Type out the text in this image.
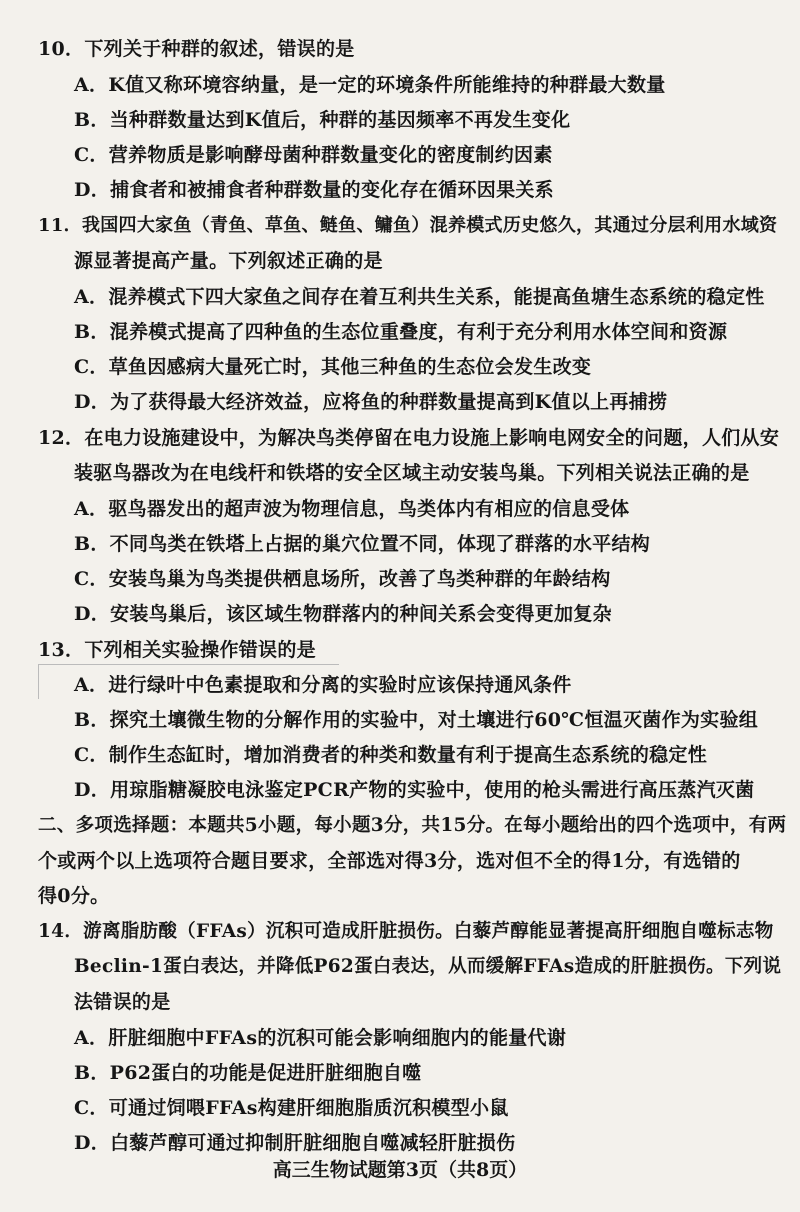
10．下列关于种群的叙述，错误的是
A．K值又称环境容纳量，是一定的环境条件所能维持的种群最大数量
B．当种群数量达到K值后，种群的基因频率不再发生变化
C．营养物质是影响酵母菌种群数量变化的密度制约因素
D．捕食者和被捕食者种群数量的变化存在循环因果关系
11．我国四大家鱼（青鱼、草鱼、鲢鱼、鳙鱼）混养模式历史悠久，其通过分层利用水域资
源显著提高产量。下列叙述正确的是
A．混养模式下四大家鱼之间存在着互利共生关系，能提高鱼塘生态系统的稳定性
B．混养模式提高了四种鱼的生态位重叠度，有利于充分利用水体空间和资源
C．草鱼因感病大量死亡时，其他三种鱼的生态位会发生改变
D．为了获得最大经济效益，应将鱼的种群数量提高到K值以上再捕捞
12．在电力设施建设中，为解决鸟类停留在电力设施上影响电网安全的问题，人们从安
装驱鸟器改为在电线杆和铁塔的安全区域主动安装鸟巢。下列相关说法正确的是
A．驱鸟器发出的超声波为物理信息，鸟类体内有相应的信息受体
B．不同鸟类在铁塔上占据的巢穴位置不同，体现了群落的水平结构
C．安装鸟巢为鸟类提供栖息场所，改善了鸟类种群的年龄结构
D．安装鸟巢后，该区域生物群落内的种间关系会变得更加复杂
13．下列相关实验操作错误的是
A．进行绿叶中色素提取和分离的实验时应该保持通风条件
B．探究土壤微生物的分解作用的实验中，对土壤进行60℃恒温灭菌作为实验组
C．制作生态缸时，增加消费者的种类和数量有利于提高生态系统的稳定性
D．用琼脂糖凝胶电泳鉴定PCR产物的实验中，使用的枪头需进行高压蒸汽灭菌
二、多项选择题：本题共5小题，每小题3分，共15分。在每小题给出的四个选项中，有两
个或两个以上选项符合题目要求，全部选对得3分，选对但不全的得1分，有选错的
得0分。
14．游离脂肪酸（FFAs）沉积可造成肝脏损伤。白藜芦醇能显著提高肝细胞自噬标志物
Beclin-1蛋白表达，并降低P62蛋白表达，从而缓解FFAs造成的肝脏损伤。下列说
法错误的是
A．肝脏细胞中FFAs的沉积可能会影响细胞内的能量代谢
B．P62蛋白的功能是促进肝脏细胞自噬
C．可通过饲喂FFAs构建肝细胞脂质沉积模型小鼠
D．白藜芦醇可通过抑制肝脏细胞自噬减轻肝脏损伤
高三生物试题第3页（共8页）
